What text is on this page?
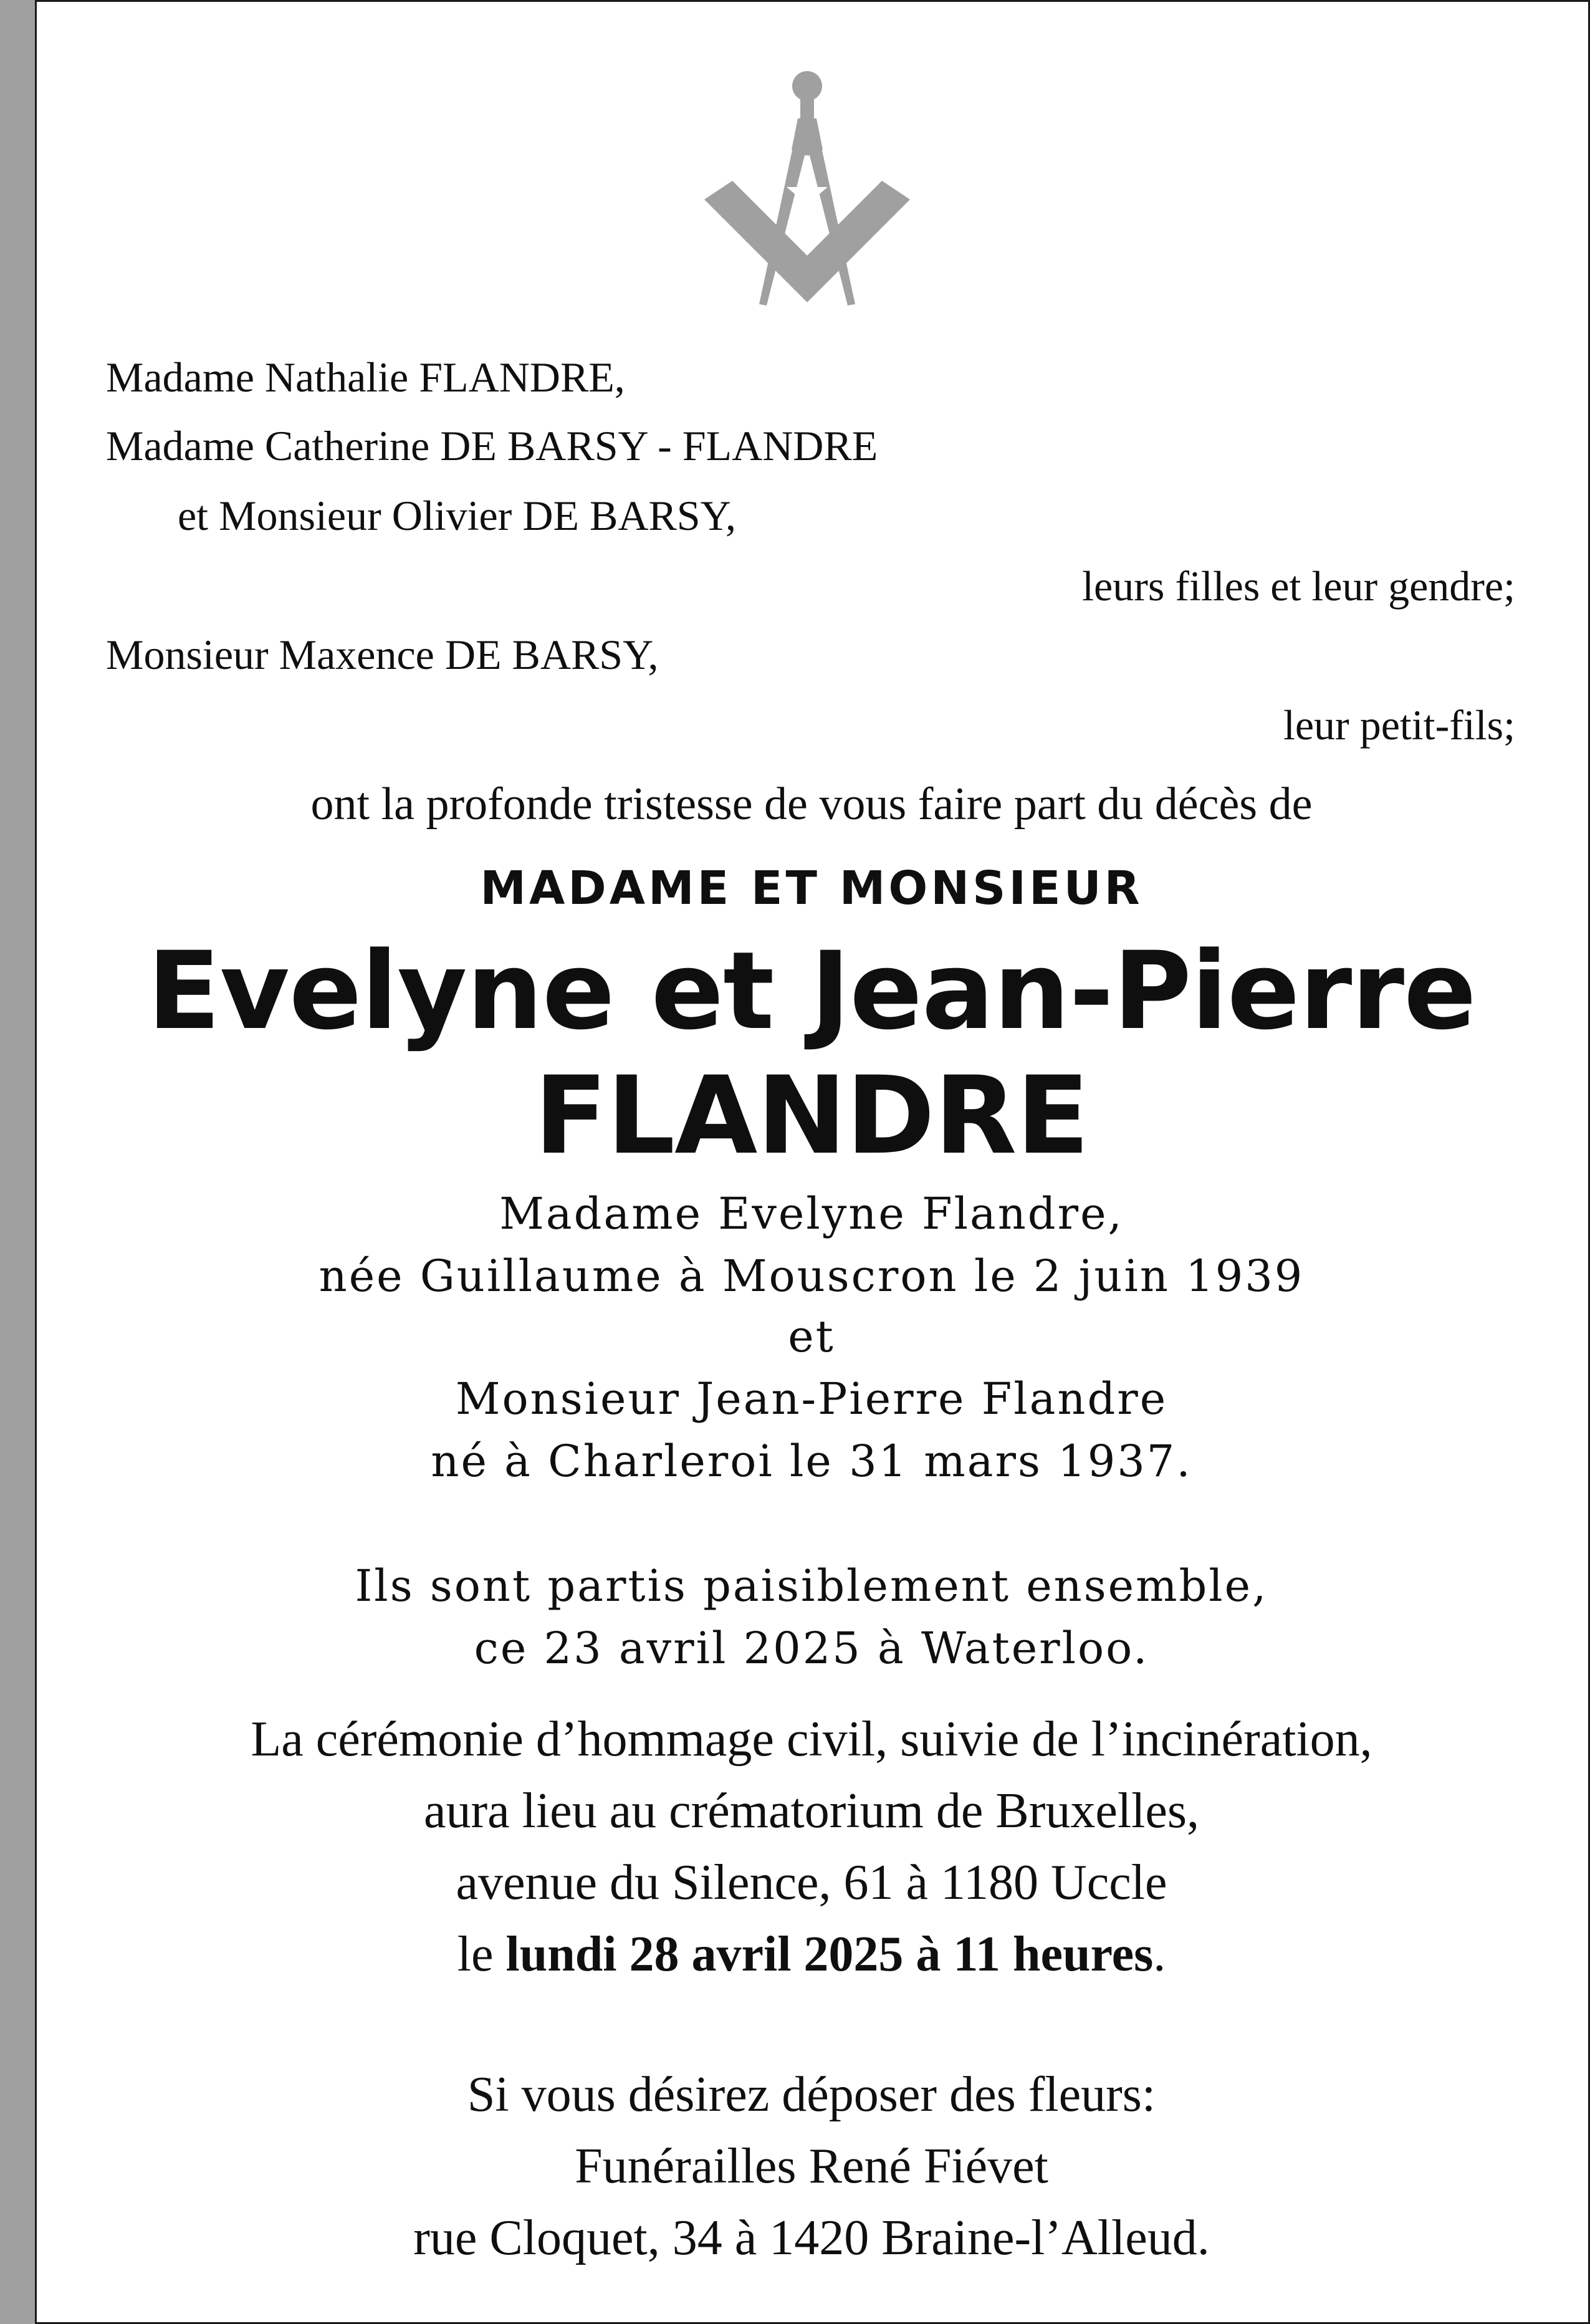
Madame Nathalie FLANDRE,
Madame Catherine DE BARSY - FLANDRE
et Monsieur Olivier DE BARSY,
leurs filles et leur gendre;
Monsieur Maxence DE BARSY,
leur petit-fils;
ont la profonde tristesse de vous faire part du décès de
MADAME ET MONSIEUR
Evelyne et Jean-Pierre
FLANDRE
Madame Evelyne Flandre,
née Guillaume à Mouscron le 2 juin 1939
et
Monsieur Jean-Pierre Flandre
né à Charleroi le 31 mars 1937.
Ils sont partis paisiblement ensemble,
ce 23 avril 2025 à Waterloo.
La cérémonie d’hommage civil, suivie de l’incinération,
aura lieu au crématorium de Bruxelles,
avenue du Silence, 61 à 1180 Uccle
le lundi 28 avril 2025 à 11 heures.
Si vous désirez déposer des fleurs:
Funérailles René Fiévet
rue Cloquet, 34 à 1420 Braine-l’Alleud.
